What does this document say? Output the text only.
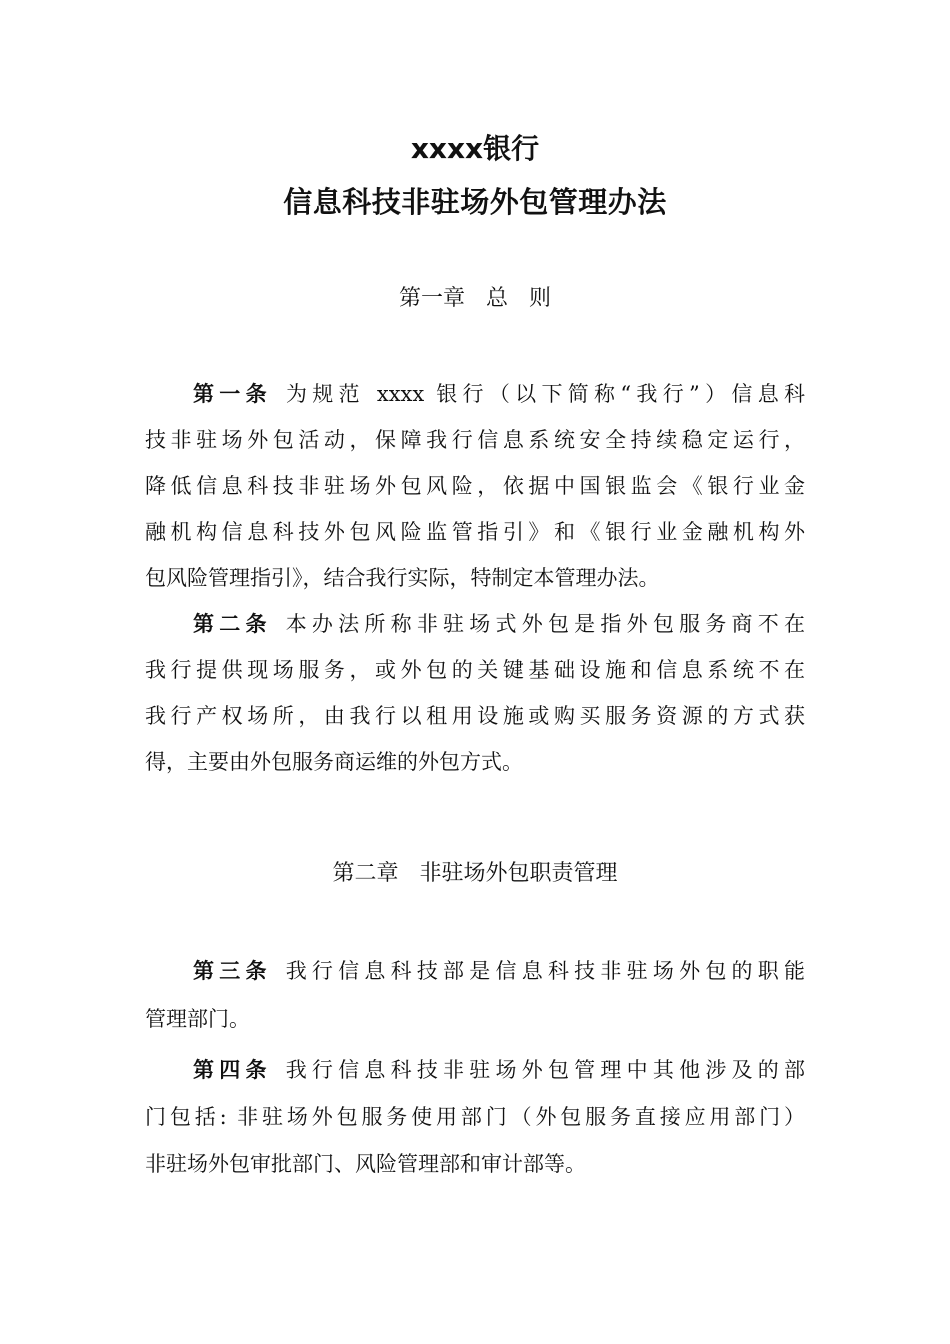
xxxx银行
信息科技非驻场外包管理办法
第一章   总   则
第一条 为规范 xxxx 银行（以下简称“我行”）信息科
技非驻场外包活动，保障我行信息系统安全持续稳定运行，
降低信息科技非驻场外包风险，依据中国银监会《银行业金
融机构信息科技外包风险监管指引》和《银行业金融机构外
包风险管理指引》，结合我行实际，特制定本管理办法。
第二条 本办法所称非驻场式外包是指外包服务商不在
我行提供现场服务，或外包的关键基础设施和信息系统不在
我行产权场所，由我行以租用设施或购买服务资源的方式获
得，主要由外包服务商运维的外包方式。
第二章   非驻场外包职责管理
第三条 我行信息科技部是信息科技非驻场外包的职能
管理部门。
第四条 我行信息科技非驻场外包管理中其他涉及的部
门包括: 非驻场外包服务使用部门（外包服务直接应用部门）
非驻场外包审批部门、风险管理部和审计部等。
